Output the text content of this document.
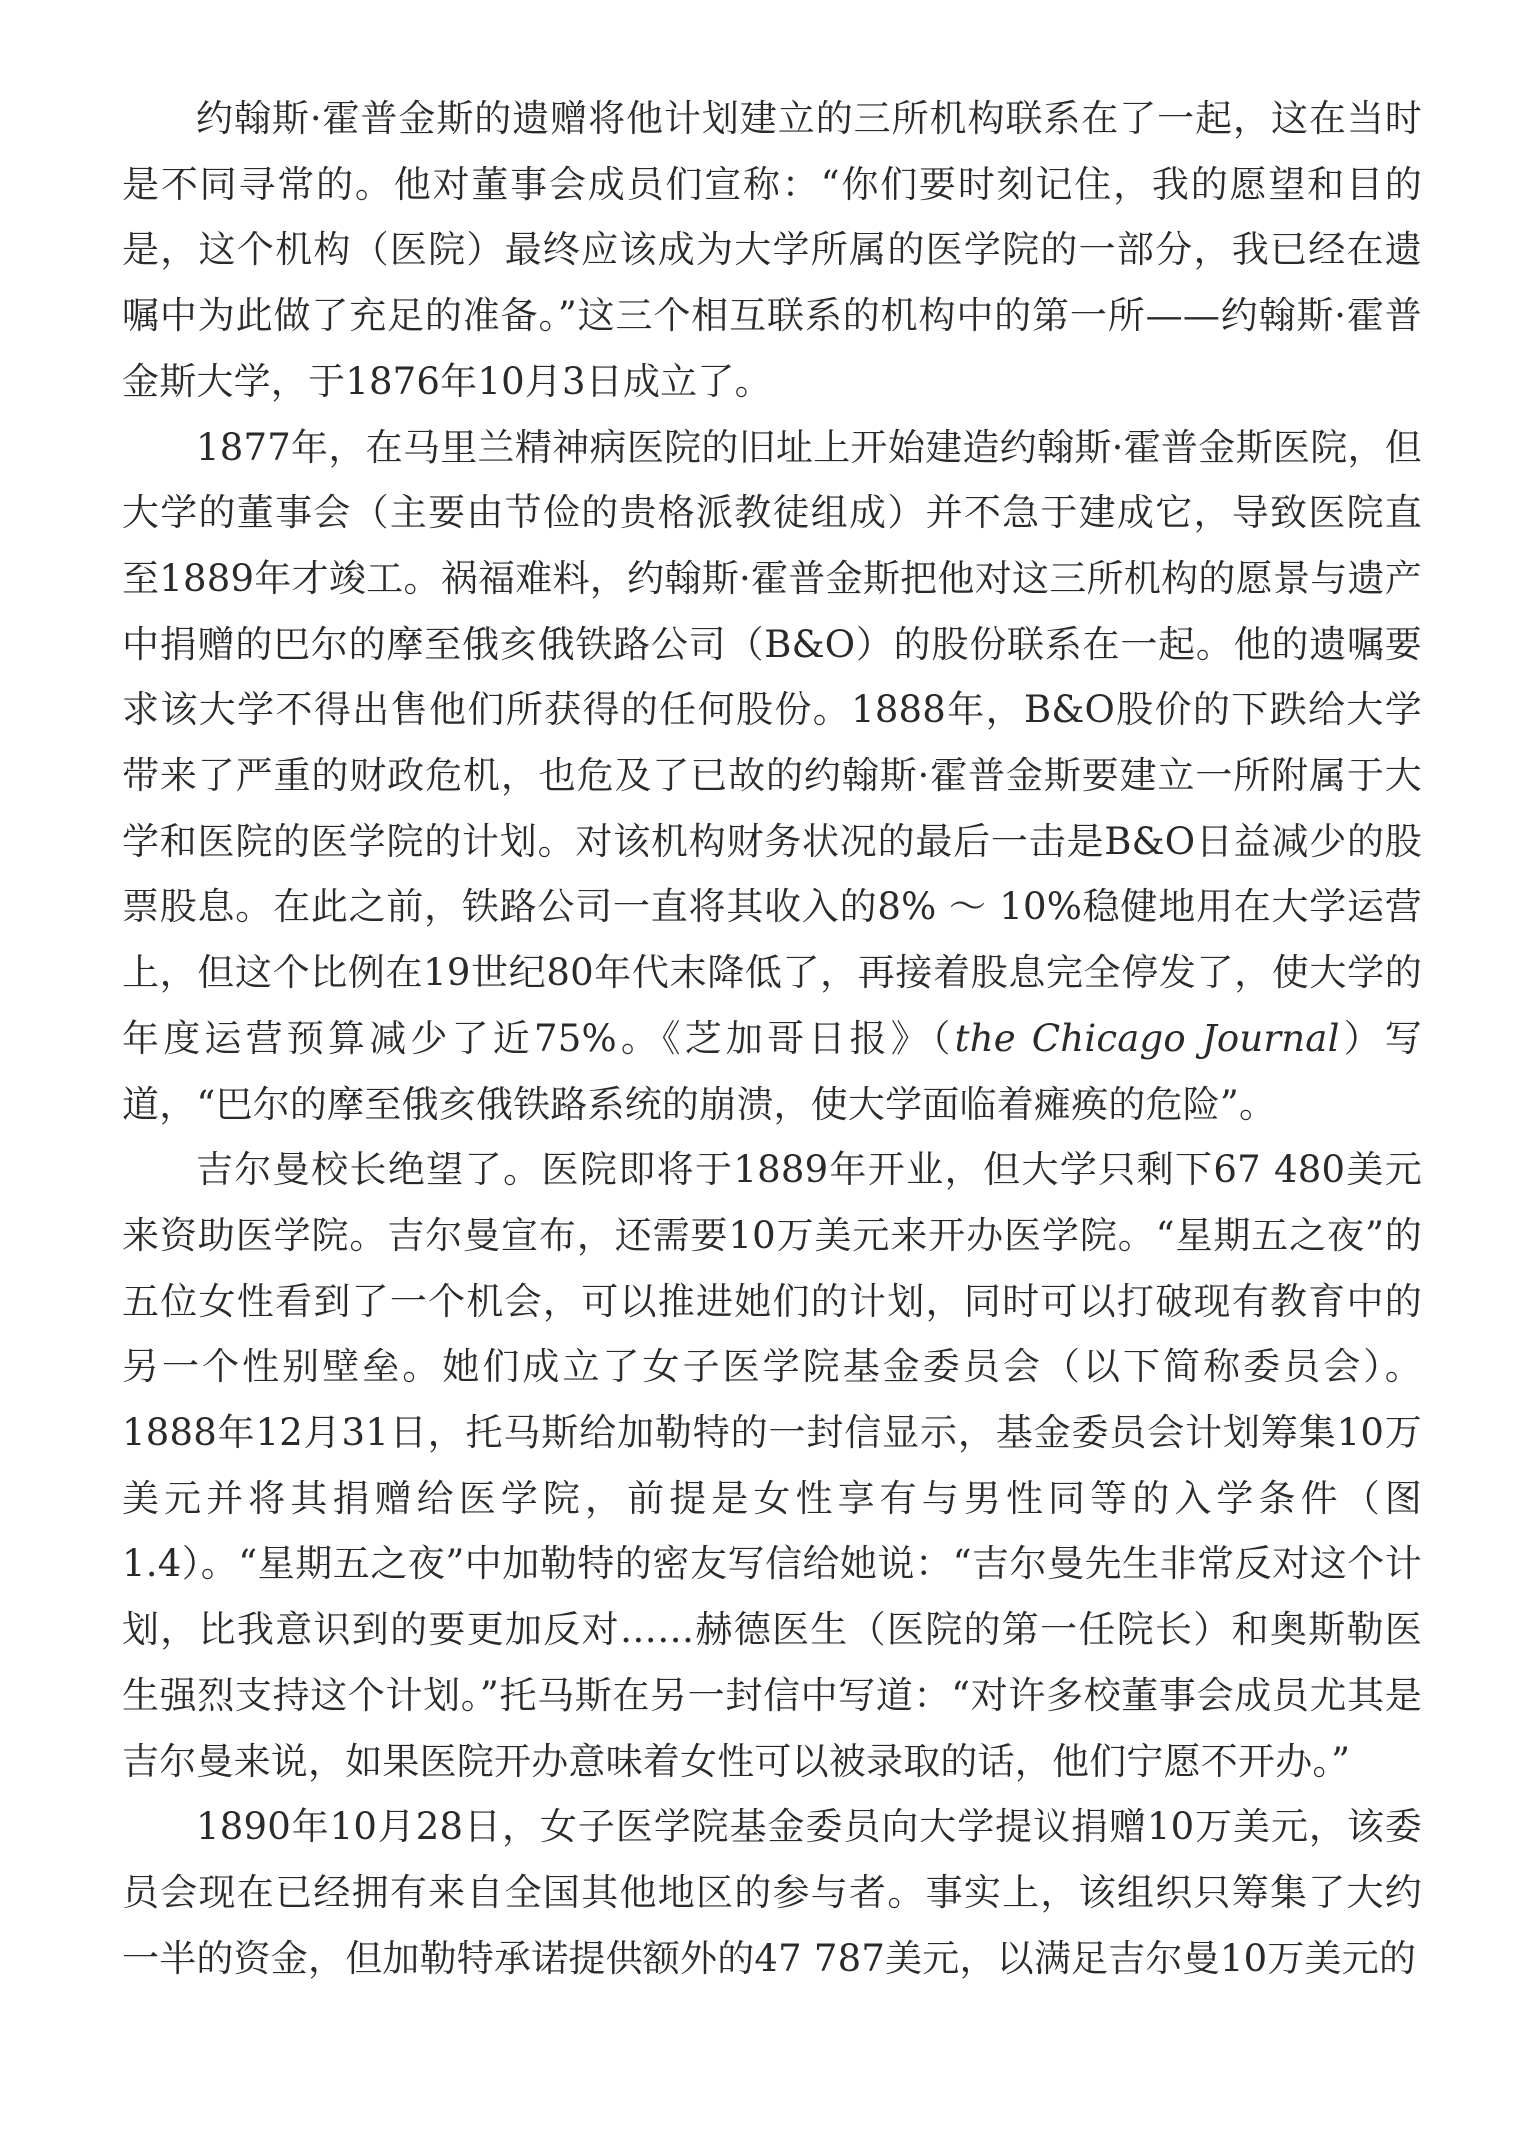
约翰斯·霍普金斯的遗赠将他计划建立的三所机构联系在了一起，这在当时是不同寻常的。他对董事会成员们宣称：“你们要时刻记住，我的愿望和目的是，这个机构（医院）最终应该成为大学所属的医学院的一部分，我已经在遗嘱中为此做了充足的准备。”这三个相互联系的机构中的第一所——约翰斯·霍普金斯大学，于1876年10月3日成立了。

1877年，在马里兰精神病医院的旧址上开始建造约翰斯·霍普金斯医院，但大学的董事会（主要由节俭的贵格派教徒组成）并不急于建成它，导致医院直至1889年才竣工。祸福难料，约翰斯·霍普金斯把他对这三所机构的愿景与遗产中捐赠的巴尔的摩至俄亥俄铁路公司（B&O）的股份联系在一起。他的遗嘱要求该大学不得出售他们所获得的任何股份。1888年，B&O股价的下跌给大学带来了严重的财政危机，也危及了已故的约翰斯·霍普金斯要建立一所附属于大学和医院的医学院的计划。对该机构财务状况的最后一击是B&O日益减少的股票股息。在此之前，铁路公司一直将其收入的8% ～ 10%稳健地用在大学运营上，但这个比例在19世纪80年代末降低了，再接着股息完全停发了，使大学的年度运营预算减少了近75%。《芝加哥日报》（the Chicago Journal）写道，“巴尔的摩至俄亥俄铁路系统的崩溃，使大学面临着瘫痪的危险”。

吉尔曼校长绝望了。医院即将于1889年开业，但大学只剩下67 480美元来资助医学院。吉尔曼宣布，还需要10万美元来开办医学院。“星期五之夜”的五位女性看到了一个机会，可以推进她们的计划，同时可以打破现有教育中的另一个性别壁垒。她们成立了女子医学院基金委员会（以下简称委员会）。1888年12月31日，托马斯给加勒特的一封信显示，基金委员会计划筹集10万美元并将其捐赠给医学院，前提是女性享有与男性同等的入学条件（图1.4）。“星期五之夜”中加勒特的密友写信给她说：“吉尔曼先生非常反对这个计划，比我意识到的要更加反对……赫德医生（医院的第一任院长）和奥斯勒医生强烈支持这个计划。”托马斯在另一封信中写道：“对许多校董事会成员尤其是吉尔曼来说，如果医院开办意味着女性可以被录取的话，他们宁愿不开办。”

1890年10月28日，女子医学院基金委员向大学提议捐赠10万美元，该委员会现在已经拥有来自全国其他地区的参与者。事实上，该组织只筹集了大约一半的资金，但加勒特承诺提供额外的47 787美元，以满足吉尔曼10万美元的
